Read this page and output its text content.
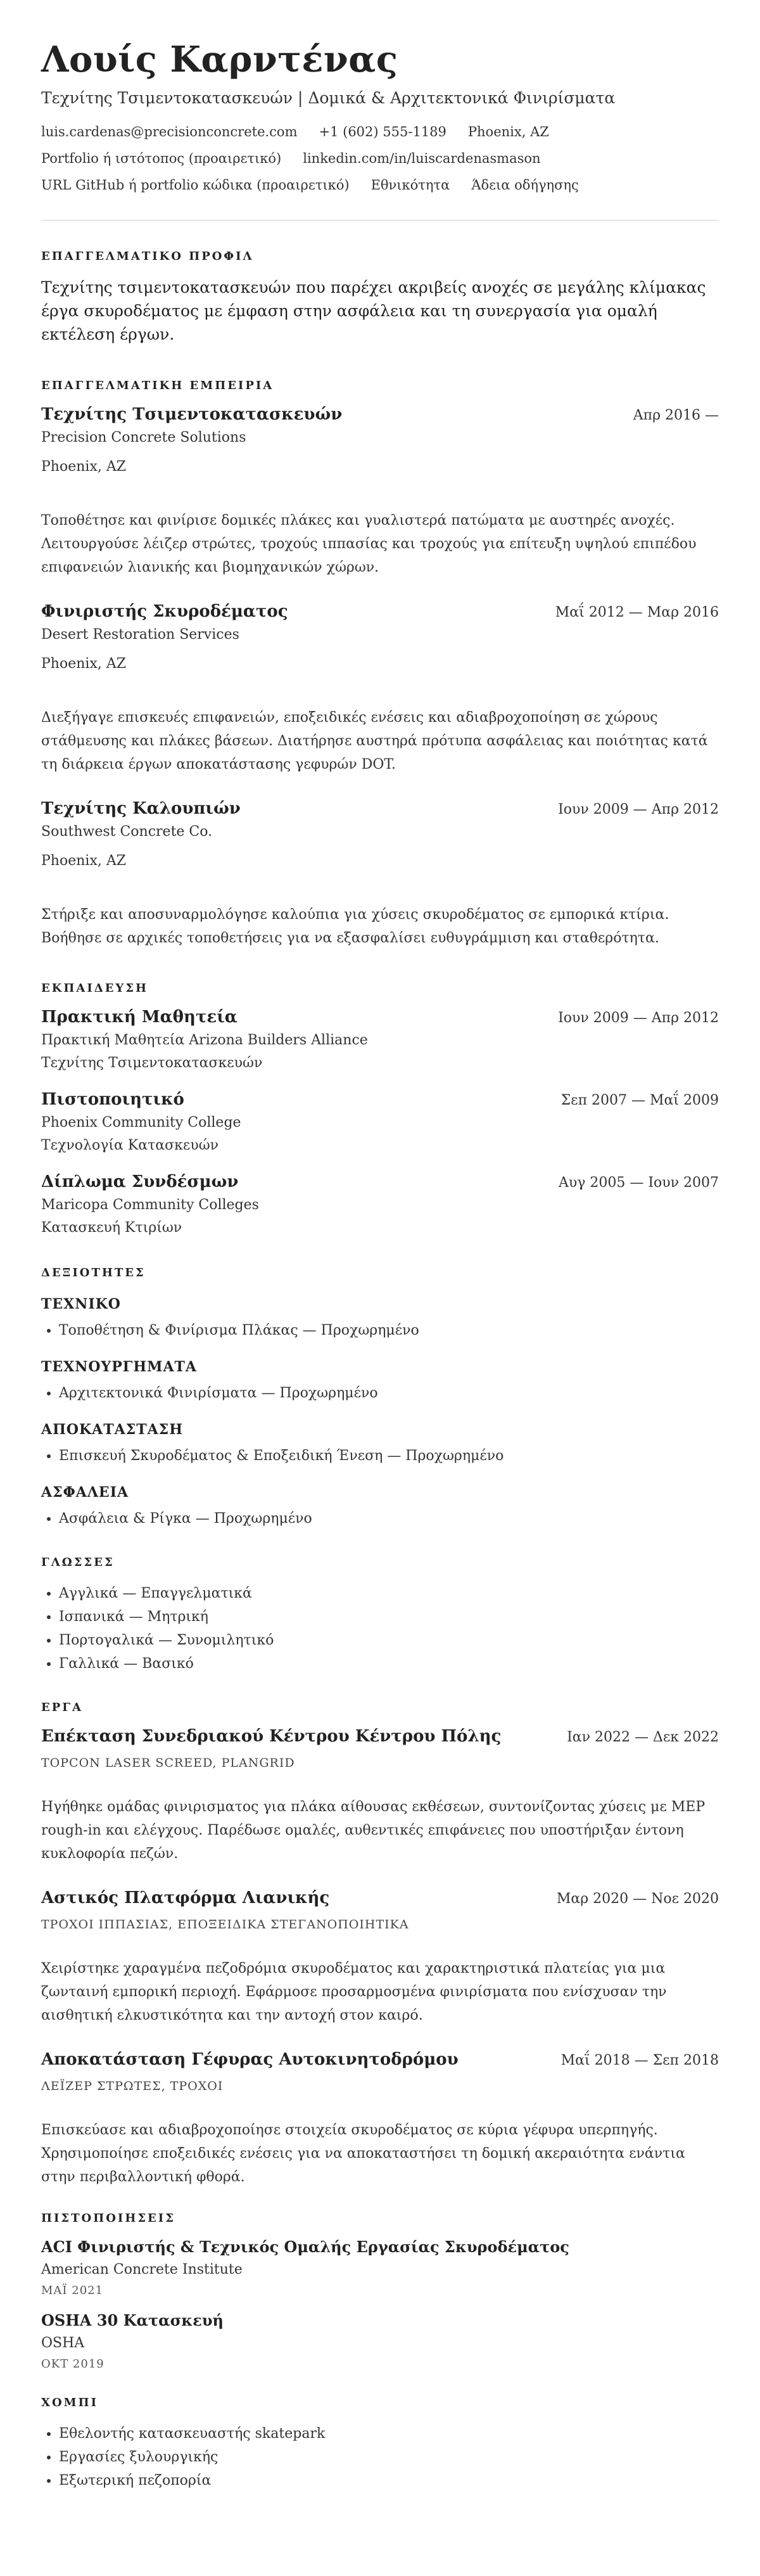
Λουίς Καρντένας
Τεχνίτης Τσιμεντοκατασκευών | Δομικά & Αρχιτεκτονικά Φινιρίσματα
luis.cardenas@precisionconcrete.com +1 (602) 555-1189 Phoenix, AZ
Portfolio ή ιστότοπος (προαιρετικό) linkedin.com/in/luiscardenasmason
URL GitHub ή portfolio κώδικα (προαιρετικό) Εθνικότητα Άδεια οδήγησης
ΕΠΑΓΓΕΛΜΑΤΙΚΟ ΠΡΟΦΙΛ

Τεχνίτης τσιμεντοκατασκευών που παρέχει ακριβείς ανοχές σε μεγάλης κλίμακας έργα σκυροδέματος με έμφαση στην ασφάλεια και τη συνεργασία για ομαλή εκτέλεση έργων.

ΕΠΑΓΓΕΛΜΑΤΙΚΗ ΕΜΠΕΙΡΙΑ
Τεχνίτης Τσιμεντοκατασκευών	Απρ 2016 —
Precision Concrete Solutions
Phoenix, AZ
Τοποθέτησε και φινίρισε δομικές πλάκες και γυαλιστερά πατώματα με αυστηρές ανοχές. Λειτουργούσε λέιζερ στρώτες, τροχούς ιππασίας και τροχούς για επίτευξη υψηλού επιπέδου επιφανειών λιανικής και βιομηχανικών χώρων.
Φινιριστής Σκυροδέματος	Μαΐ 2012 — Μαρ 2016
Desert Restoration Services
Phoenix, AZ
Διεξήγαγε επισκευές επιφανειών, εποξειδικές ενέσεις και αδιαβροχοποίηση σε χώρους στάθμευσης και πλάκες βάσεων. Διατήρησε αυστηρά πρότυπα ασφάλειας και ποιότητας κατά τη διάρκεια έργων αποκατάστασης γεφυρών DOT.
Τεχνίτης Καλουπιών	Ιουν 2009 — Απρ 2012
Southwest Concrete Co.
Phoenix, AZ
Στήριξε και αποσυναρμολόγησε καλούπια για χύσεις σκυροδέματος σε εμπορικά κτίρια. Βοήθησε σε αρχικές τοποθετήσεις για να εξασφαλίσει ευθυγράμμιση και σταθερότητα.
ΕΚΠΑΙΔΕΥΣΗ
Πρακτική Μαθητεία	Ιουν 2009 — Απρ 2012
Πρακτική Μαθητεία Arizona Builders Alliance
Τεχνίτης Τσιμεντοκατασκευών
Πιστοποιητικό	Σεπ 2007 — Μαΐ 2009
Phoenix Community College
Τεχνολογία Κατασκευών
Δίπλωμα Συνδέσμων	Αυγ 2005 — Ιουν 2007
Maricopa Community Colleges
Κατασκευή Κτιρίων
ΔΕΞΙΟΤΗΤΕΣ
ΤΕΧΝΙΚΟ
• Τοποθέτηση & Φινίρισμα Πλάκας — Προχωρημένο
ΤΕΧΝΟΥΡΓΗΜΑΤΑ
• Αρχιτεκτονικά Φινιρίσματα — Προχωρημένο
ΑΠΟΚΑΤΑΣΤΑΣΗ
• Επισκευή Σκυροδέματος & Εποξειδική Ένεση — Προχωρημένο
ΑΣΦΑΛΕΙΑ
• Ασφάλεια & Ρίγκα — Προχωρημένο
ΓΛΩΣΣΕΣ
• Αγγλικά — Επαγγελματικά
• Ισπανικά — Μητρική
• Πορτογαλικά — Συνομιλητικό
• Γαλλικά — Βασικό
ΕΡΓΑ
Επέκταση Συνεδριακού Κέντρου Κέντρου Πόλης	Ιαν 2022 — Δεκ 2022
TOPCON LASER SCREED, PLANGRID
Ηγήθηκε ομάδας φινιρισματος για πλάκα αίθουσας εκθέσεων, συντονίζοντας χύσεις με MEP rough-in και ελέγχους. Παρέδωσε ομαλές, αυθεντικές επιφάνειες που υποστήριξαν έντονη κυκλοφορία πεζών.
Αστικός Πλατφόρμα Λιανικής	Μαρ 2020 — Νοε 2020
ΤΡΟΧΟΙ ΙΠΠΑΣΙΑΣ, ΕΠΟΞΕΙΔΙΚΑ ΣΤΕΓΑΝΟΠΟΙΗΤΙΚΑ
Χειρίστηκε χαραγμένα πεζοδρόμια σκυροδέματος και χαρακτηριστικά πλατείας για μια ζωνταινή εμπορική περιοχή. Εφάρμοσε προσαρμοσμένα φινιρίσματα που ενίσχυσαν την αισθητική ελκυστικότητα και την αντοχή στον καιρό.
Αποκατάσταση Γέφυρας Αυτοκινητοδρόμου	Μαΐ 2018 — Σεπ 2018
ΛΕΪΖΕΡ ΣΤΡΩΤΕΣ, ΤΡΟΧΟΙ
Επισκεύασε και αδιαβροχοποίησε στοιχεία σκυροδέματος σε κύρια γέφυρα υπερπηγής. Χρησιμοποίησε εποξειδικές ενέσεις για να αποκαταστήσει τη δομική ακεραιότητα ενάντια στην περιβαλλοντική φθορά.
ΠΙΣΤΟΠΟΙΗΣΕΙΣ
ACI Φινιριστής & Τεχνικός Ομαλής Εργασίας Σκυροδέματος
American Concrete Institute
ΜΑΪ 2021
OSHA 30 Κατασκευή
OSHA
ΟΚΤ 2019
ΧΟΜΠΙ
• Εθελοντής κατασκευαστής skatepark
• Εργασίες ξυλουργικής
• Εξωτερική πεζοπορία
